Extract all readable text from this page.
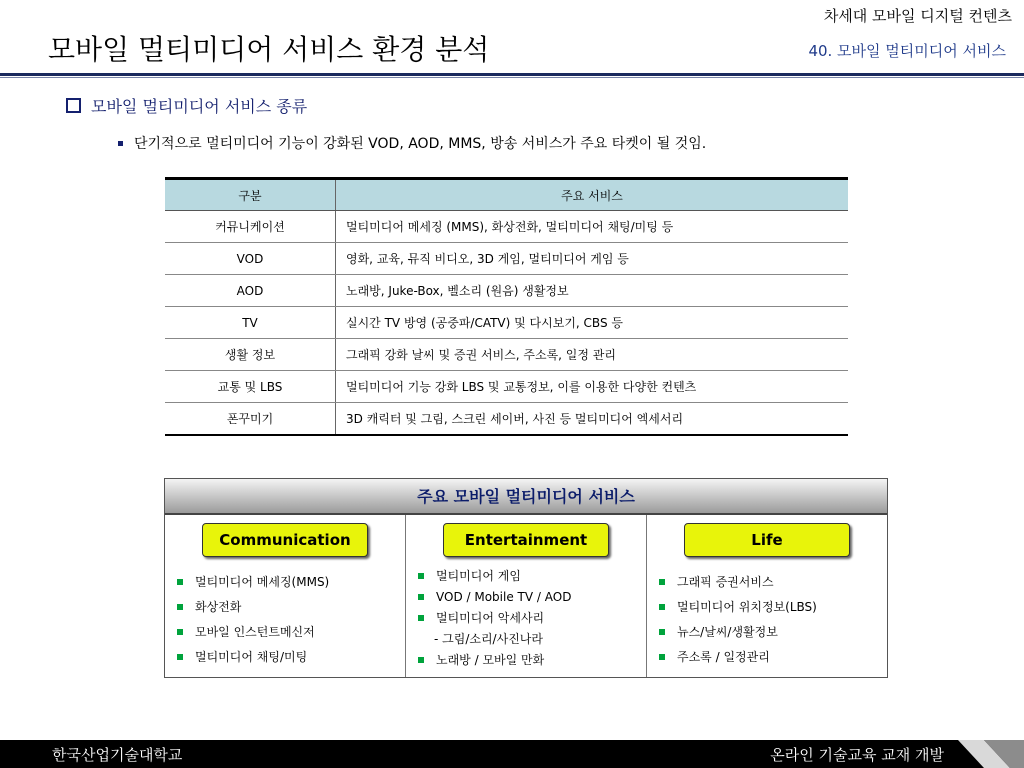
차세대 모바일 디지털 컨텐츠
모바일 멀티미디어 서비스 환경 분석	40. 모바일 멀티미디어 서비스
모바일 멀티미디어 서비스 종류
단기적으로 멀티미디어 기능이 강화된 VOD, AOD, MMS, 방송 서비스가 주요 타켓이 될 것임.
구분	주요 서비스
커뮤니케이션	멀티미디어 메세징 (MMS), 화상전화, 멀티미디어 채팅/미팅 등
VOD	영화, 교육, 뮤직 비디오, 3D 게임, 멀티미디어 게임 등
AOD	노래방, Juke-Box, 벨소리 (원음) 생활정보
TV	실시간 TV 방영 (공중파/CATV) 및 다시보기, CBS 등
생활 정보	그래픽 강화 날씨 및 증권 서비스, 주소록, 일정 관리
교통 및 LBS	멀티미디어 기능 강화 LBS 및 교통정보, 이를 이용한 다양한 컨텐츠
폰꾸미기	3D 캐릭터 및 그림, 스크린 세이버, 사진 등 멀티미디어 엑세서리
주요 모바일 멀티미디어 서비스
Communication
멀티미디어 메세징(MMS)
화상전화
모바일 인스턴트메신저
멀티미디어 채팅/미팅
Entertainment
멀티미디어 게임
VOD / Mobile TV / AOD
멀티미디어 악세사리
- 그림/소리/사진나라
노래방 / 모바일 만화
Life
그래픽 증권서비스
멀티미디어 위치정보(LBS)
뉴스/날씨/생활정보
주소록 / 일정관리
한국산업기술대학교	온라인 기술교육 교재 개발
